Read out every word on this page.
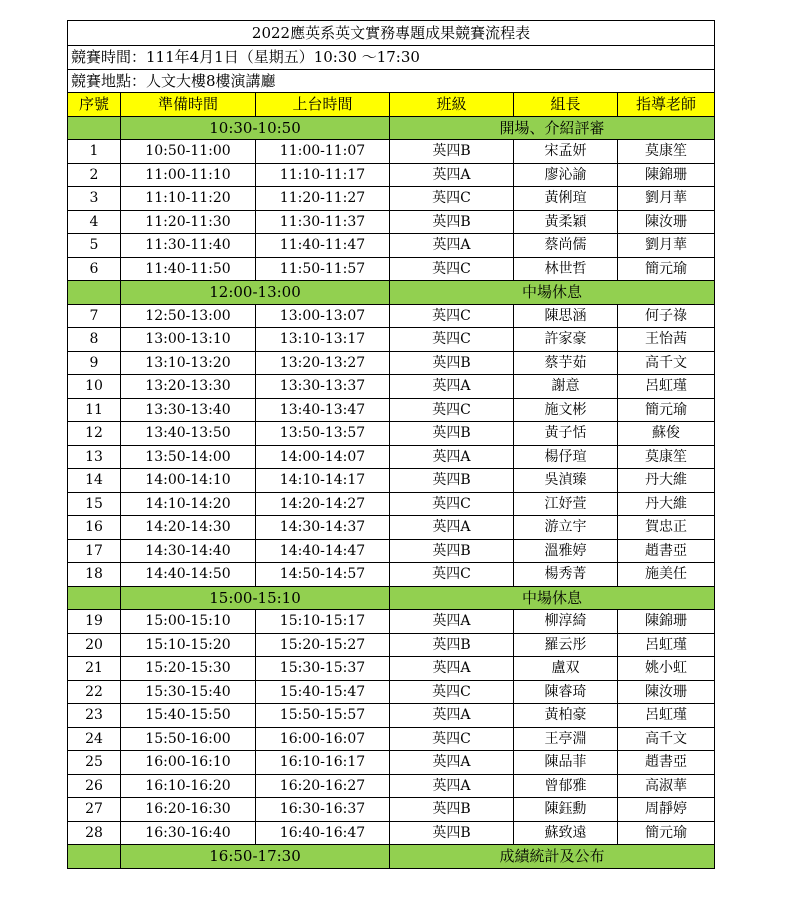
2022應英系英文實務專題成果競賽流程表					
競賽時間：111年4月1日（星期五）10:30 ～17:30					
競賽地點：人文大樓8樓演講廳					
序號	準備時間	上台時間	班級	組長	指導老師
	10:30-10:50		開場、介紹評審		
1	10:50-11:00	11:00-11:07	英四B	宋孟妍	莫康笙
2	11:00-11:10	11:10-11:17	英四A	廖沁諭	陳錦珊
3	11:10-11:20	11:20-11:27	英四C	黃俐瑄	劉月華
4	11:20-11:30	11:30-11:37	英四B	黃柔穎	陳汝珊
5	11:30-11:40	11:40-11:47	英四A	蔡尚儒	劉月華
6	11:40-11:50	11:50-11:57	英四C	林世哲	簡元瑜
	12:00-13:00		中場休息		
7	12:50-13:00	13:00-13:07	英四C	陳思涵	何子祿
8	13:00-13:10	13:10-13:17	英四C	許家豪	王怡茜
9	13:10-13:20	13:20-13:27	英四B	蔡芋茹	高千文
10	13:20-13:30	13:30-13:37	英四A	謝意	呂虹瑾
11	13:30-13:40	13:40-13:47	英四C	施文彬	簡元瑜
12	13:40-13:50	13:50-13:57	英四B	黃子恬	蘇俊
13	13:50-14:00	14:00-14:07	英四A	楊伃瑄	莫康笙
14	14:00-14:10	14:10-14:17	英四B	吳湞臻	丹大維
15	14:10-14:20	14:20-14:27	英四C	江妤萱	丹大維
16	14:20-14:30	14:30-14:37	英四A	游立宇	賀忠正
17	14:30-14:40	14:40-14:47	英四B	溫雅婷	趙書亞
18	14:40-14:50	14:50-14:57	英四C	楊秀菁	施美任
	15:00-15:10		中場休息		
19	15:00-15:10	15:10-15:17	英四A	柳淳綺	陳錦珊
20	15:10-15:20	15:20-15:27	英四B	羅云彤	呂虹瑾
21	15:20-15:30	15:30-15:37	英四A	盧双	姚小虹
22	15:30-15:40	15:40-15:47	英四C	陳睿琦	陳汝珊
23	15:40-15:50	15:50-15:57	英四A	黃柏豪	呂虹瑾
24	15:50-16:00	16:00-16:07	英四C	王亭淵	高千文
25	16:00-16:10	16:10-16:17	英四A	陳品菲	趙書亞
26	16:10-16:20	16:20-16:27	英四A	曾郁雅	高淑華
27	16:20-16:30	16:30-16:37	英四B	陳鈺勳	周靜婷
28	16:30-16:40	16:40-16:47	英四B	蘇致遠	簡元瑜
	16:50-17:30		成績統計及公布		
